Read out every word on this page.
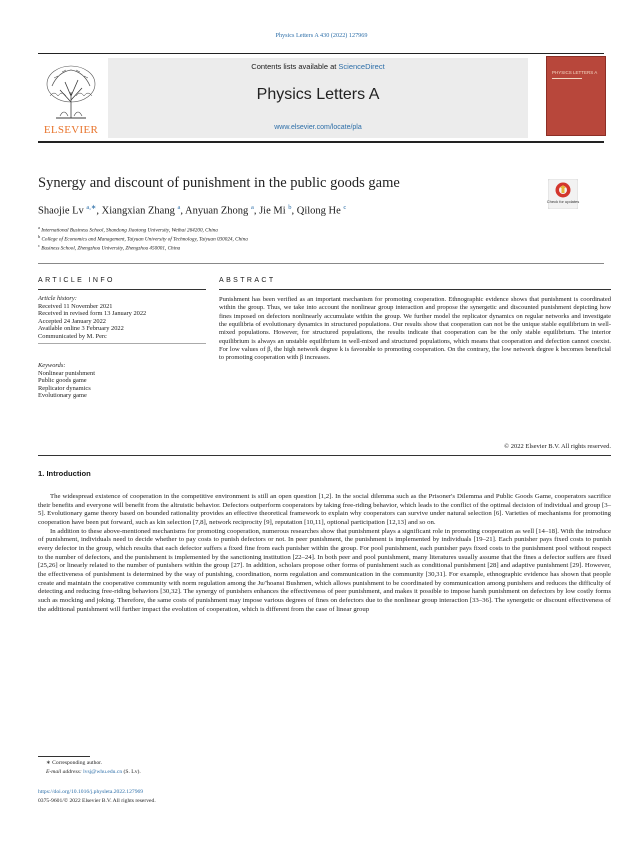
Physics Letters A 430 (2022) 127969
ELSEVIER
Contents lists available at ScienceDirect
Physics Letters A
www.elsevier.com/locate/pla
PHYSICS LETTERS A
Synergy and discount of punishment in the public goods game
Check for updates
Shaojie Lv $^{a,∗}$, Xiangxian Zhang $^a$, Anyuan Zhong $^a$, Jie Mi $^b$, Qilong He $^c$
$^a$ International Business School, Shandong Jiaotong University, Weihai 264200, China
$^b$ College of Economics and Management, Taiyuan University of Technology, Taiyuan 030024, China
$^c$ Business School, Zhengzhou University, Zhengzhou 450001, China
ARTICLE INFO	ABSTRACT
Article history:
Received 11 November 2021
Received in revised form 13 January 2022
Accepted 24 January 2022
Available online 3 February 2022
Communicated by M. Perc
Keywords:
Nonlinear punishment
Public goods game
Replicator dynamics
Evolutionary game
Punishment has been verified as an important mechanism for promoting cooperation. Ethnographic evidence shows that punishment is coordinated within the group. Thus, we take into account the nonlinear group interaction and propose the synergetic and discounted punishment depicting how fines imposed on defectors nonlinearly accumulate within the group. We further model the replicator dynamics on regular networks and investigate the equilibria of evolutionary dynamics in structured populations. Our results show that cooperation can not be the unique stable equilibrium in well-mixed populations. However, for structured populations, the results indicate that cooperation can be the only stable equilibrium. The interior equilibrium is always an unstable equilibrium in well-mixed and structured populations, which means that cooperation and defection cannot coexist. For low values of β, the high network degree k is favorable to promoting cooperation. On the contrary, the low network degree k becomes beneficial to promoting cooperation with β increases.
© 2022 Elsevier B.V. All rights reserved.
1. Introduction

The widespread existence of cooperation in the competitive environment is still an open question [1,2]. In the social dilemma such as the Prisoner's Dilemma and Public Goods Game, cooperators sacrifice their benefits and everyone will benefit from the altruistic behavior. Defectors outperform cooperators by taking free-riding behavior, which leads to the conflict of the optimal decision of individual and group [3–5]. Evolutionary game theory based on bounded rationality provides an effective theoretical framework to explain why cooperators can survive under natural selection [6]. Varieties of mechanisms for promoting cooperation have been put forward, such as kin selection [7,8], network reciprocity [9], reputation [10,11], optional participation [12,13] and so on.

In addition to these above-mentioned mechanisms for promoting cooperation, numerous researches show that punishment plays a significant role in promoting cooperation as well [14–18]. With the introduce of punishment, individuals need to decide whether to pay costs to punish defectors or not. In peer punishment, the punishment is implemented by individuals [19–21]. Each punisher pays fixed costs to punish every defector in the group, which results that each defector suffers a fixed fine from each punisher within the group. For pool punishment, each punisher pays fixed costs to the punishment pool without respect to the number of defectors, and the punishment is implemented by the sanctioning institution [22–24]. In both peer and pool punishment, many literatures usually assume that the fines a defector suffers are fixed [25,26] or linearly related to the number of punishers within the group [27]. In addition, scholars propose other forms of punishment such as conditional punishment [28] and adaptive punishment [29]. However, the effectiveness of punishment is determined by the way of punishing, coordination, norm regulation and communication in the community [30,31]. For example, ethnographic evidence has shown that people create and maintain the cooperative community with norm regulation among the Ju/'hoansi Bushmen, which allows punishment to be coordinated by communication among punishers and reduces the difficulty of detecting and reducing free-riding behaviors [30,32]. The synergy of punishers enhances the effectiveness of peer punishment, and makes it possible to impose harsh punishment on defectors by low costly forms such as mocking and joking. Therefore, the same costs of punishment may impose various degrees of fines on defectors due to the nonlinear group interaction [33–36]. The synergetic or discount effectiveness of the additional punishment will further impact the evolution of cooperation, which is different from the case of linear group

∗ Corresponding author.
E-mail address: lvsj@whu.edu.cn (S. Lv).
https://doi.org/10.1016/j.physleta.2022.127969
0375-9601/© 2022 Elsevier B.V. All rights reserved.
